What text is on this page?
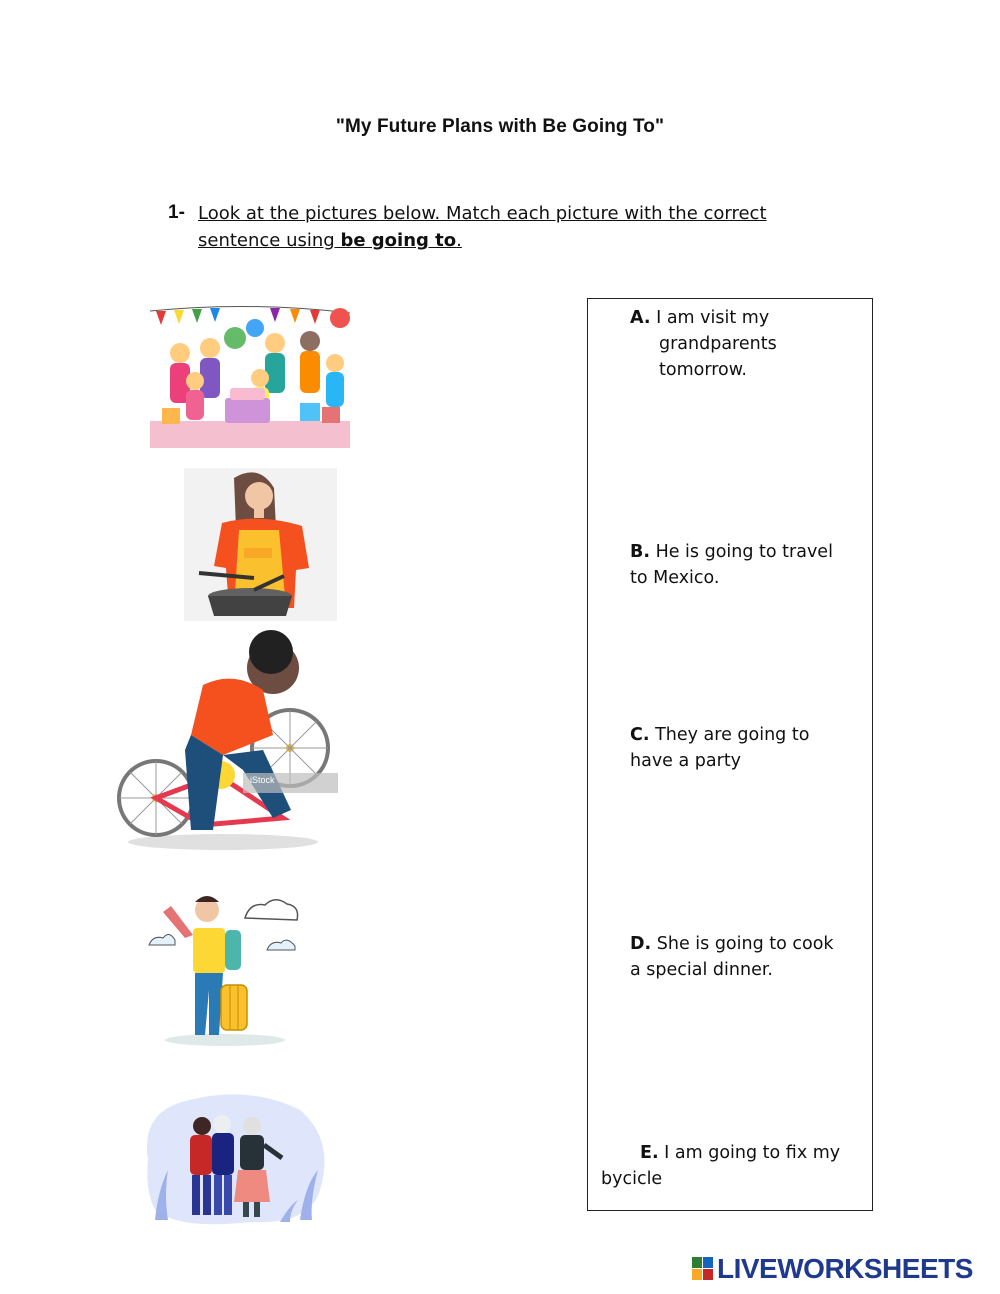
"My Future Plans with Be Going To"
1- Look at the pictures below. Match each picture with the correct sentence using be going to.
iStock
A. I am visit my
grandparents
tomorrow.
B. He is going to travel
to Mexico.
C. They are going to
have a party
D. She is going to cook
a special dinner.
E. I am going to fix my
bycicle
LIVEWORKSHEETS
